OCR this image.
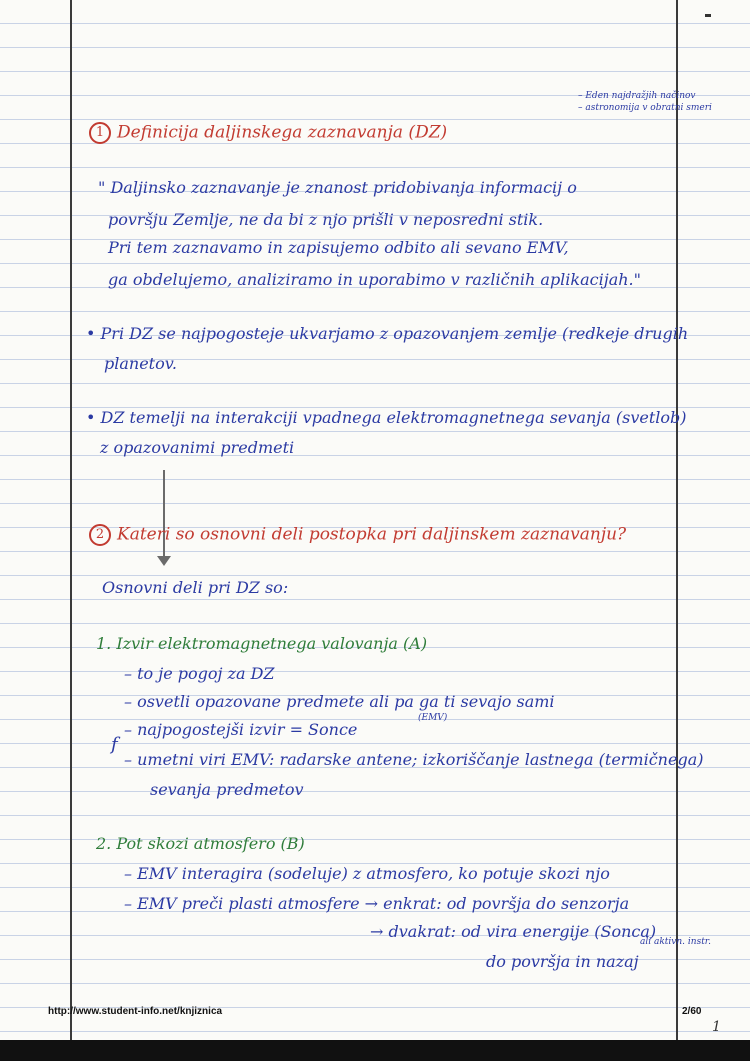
– Eden najdražjih načinov

– astronomija v obratni smeri

1 Definicija daljinskega zaznavanja (DZ)

" Daljinsko zaznavanje je znanost pridobivanja informacij o

površju Zemlje, ne da bi z njo prišli v neposredni stik.

Pri tem zaznavamo in zapisujemo odbito ali sevano EMV,

ga obdelujemo, analiziramo in uporabimo v različnih aplikacijah."

• Pri DZ se najpogosteje ukvarjamo z opazovanjem zemlje (redkeje drugih

planetov.

• DZ temelji na interakciji vpadnega elektromagnetnega sevanja (svetlob)

z opazovanimi predmeti

2 Kateri so osnovni deli postopka pri daljinskem zaznavanju?

Osnovni deli pri DZ so:

1. Izvir elektromagnetnega valovanja (A)

– to je pogoj za DZ

– osvetli opazovane predmete ali pa ga ti sevajo sami

(EMV)

– najpogostejši izvir = Sonce

f

– umetni viri EMV: radarske antene; izkoriščanje lastnega (termičnega)

sevanja predmetov

2. Pot skozi atmosfero (B)

– EMV interagira (sodeluje) z atmosfero, ko potuje skozi njo

– EMV preči plasti atmosfere → enkrat: od površja do senzorja

→ dvakrat: od vira energije (Sonca)

ali aktivn. instr.

do površja in nazaj

http://www.student-info.net/knjiznica	2/60
1
